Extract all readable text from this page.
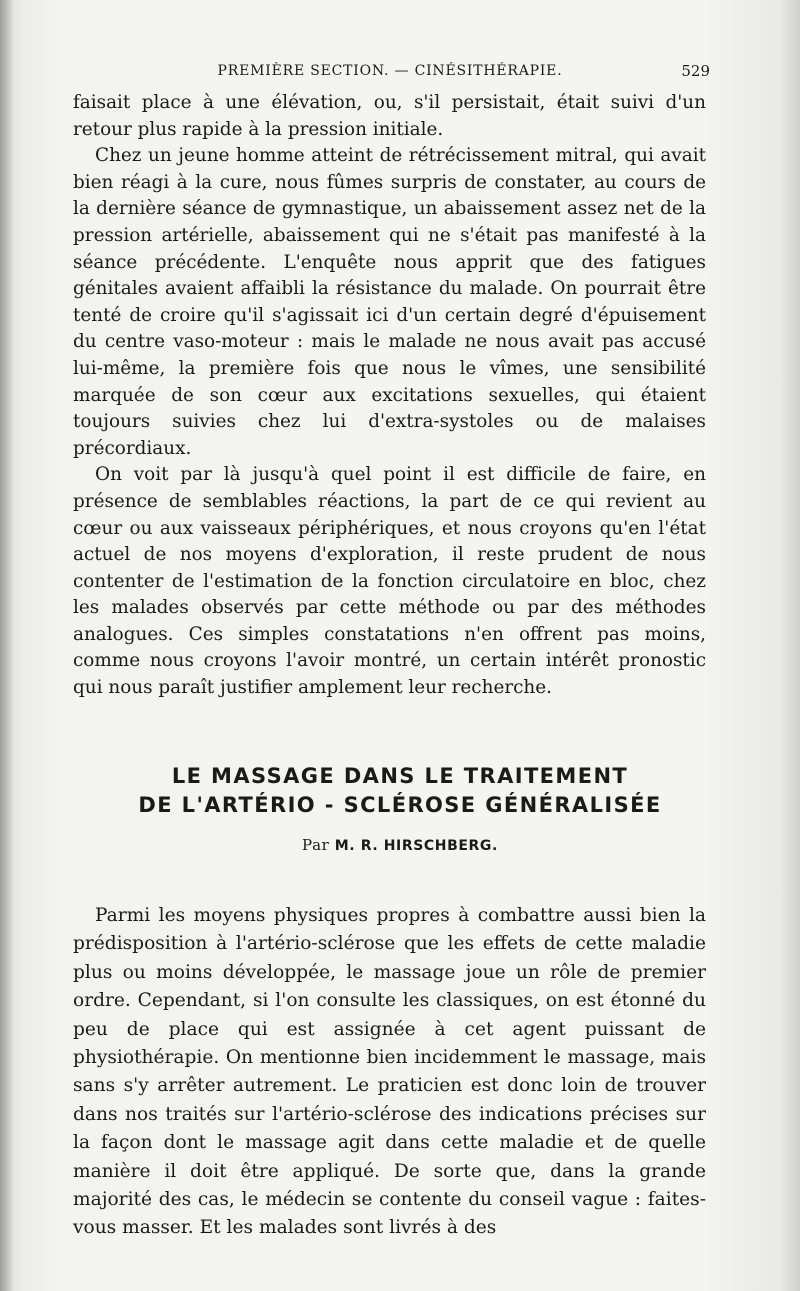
PREMIÈRE SECTION. — CINÉSITHÉRAPIE.	529

faisait place à une élévation, ou, s'il persistait, était suivi d'un retour plus rapide à la pression initiale.

Chez un jeune homme atteint de rétrécissement mitral, qui avait bien réagi à la cure, nous fûmes surpris de constater, au cours de la dernière séance de gymnastique, un abaissement assez net de la pression artérielle, abaissement qui ne s'était pas manifesté à la séance précédente. L'enquête nous apprit que des fatigues génitales avaient affaibli la résistance du malade. On pourrait être tenté de croire qu'il s'agissait ici d'un certain degré d'épuisement du centre vaso-moteur : mais le malade ne nous avait pas accusé lui-même, la première fois que nous le vîmes, une sensibilité marquée de son cœur aux excitations sexuelles, qui étaient toujours suivies chez lui d'extra-systoles ou de malaises précordiaux.

On voit par là jusqu'à quel point il est difficile de faire, en présence de semblables réactions, la part de ce qui revient au cœur ou aux vaisseaux périphériques, et nous croyons qu'en l'état actuel de nos moyens d'exploration, il reste prudent de nous contenter de l'estimation de la fonction circulatoire en bloc, chez les malades observés par cette méthode ou par des méthodes analogues. Ces simples constatations n'en offrent pas moins, comme nous croyons l'avoir montré, un certain intérêt pronostic qui nous paraît justifier amplement leur recherche.

LE MASSAGE DANS LE TRAITEMENT
DE L'ARTÉRIO - SCLÉROSE GÉNÉRALISÉE
Par M. R. HIRSCHBERG.

Parmi les moyens physiques propres à combattre aussi bien la prédisposition à l'artério-sclérose que les effets de cette maladie plus ou moins développée, le massage joue un rôle de premier ordre. Cependant, si l'on consulte les classiques, on est étonné du peu de place qui est assignée à cet agent puissant de physiothérapie. On mentionne bien incidemment le massage, mais sans s'y arrêter autrement. Le praticien est donc loin de trouver dans nos traités sur l'artério-sclérose des indications précises sur la façon dont le massage agit dans cette maladie et de quelle manière il doit être appliqué. De sorte que, dans la grande majorité des cas, le médecin se contente du conseil vague : faites-vous masser. Et les malades sont livrés à des
